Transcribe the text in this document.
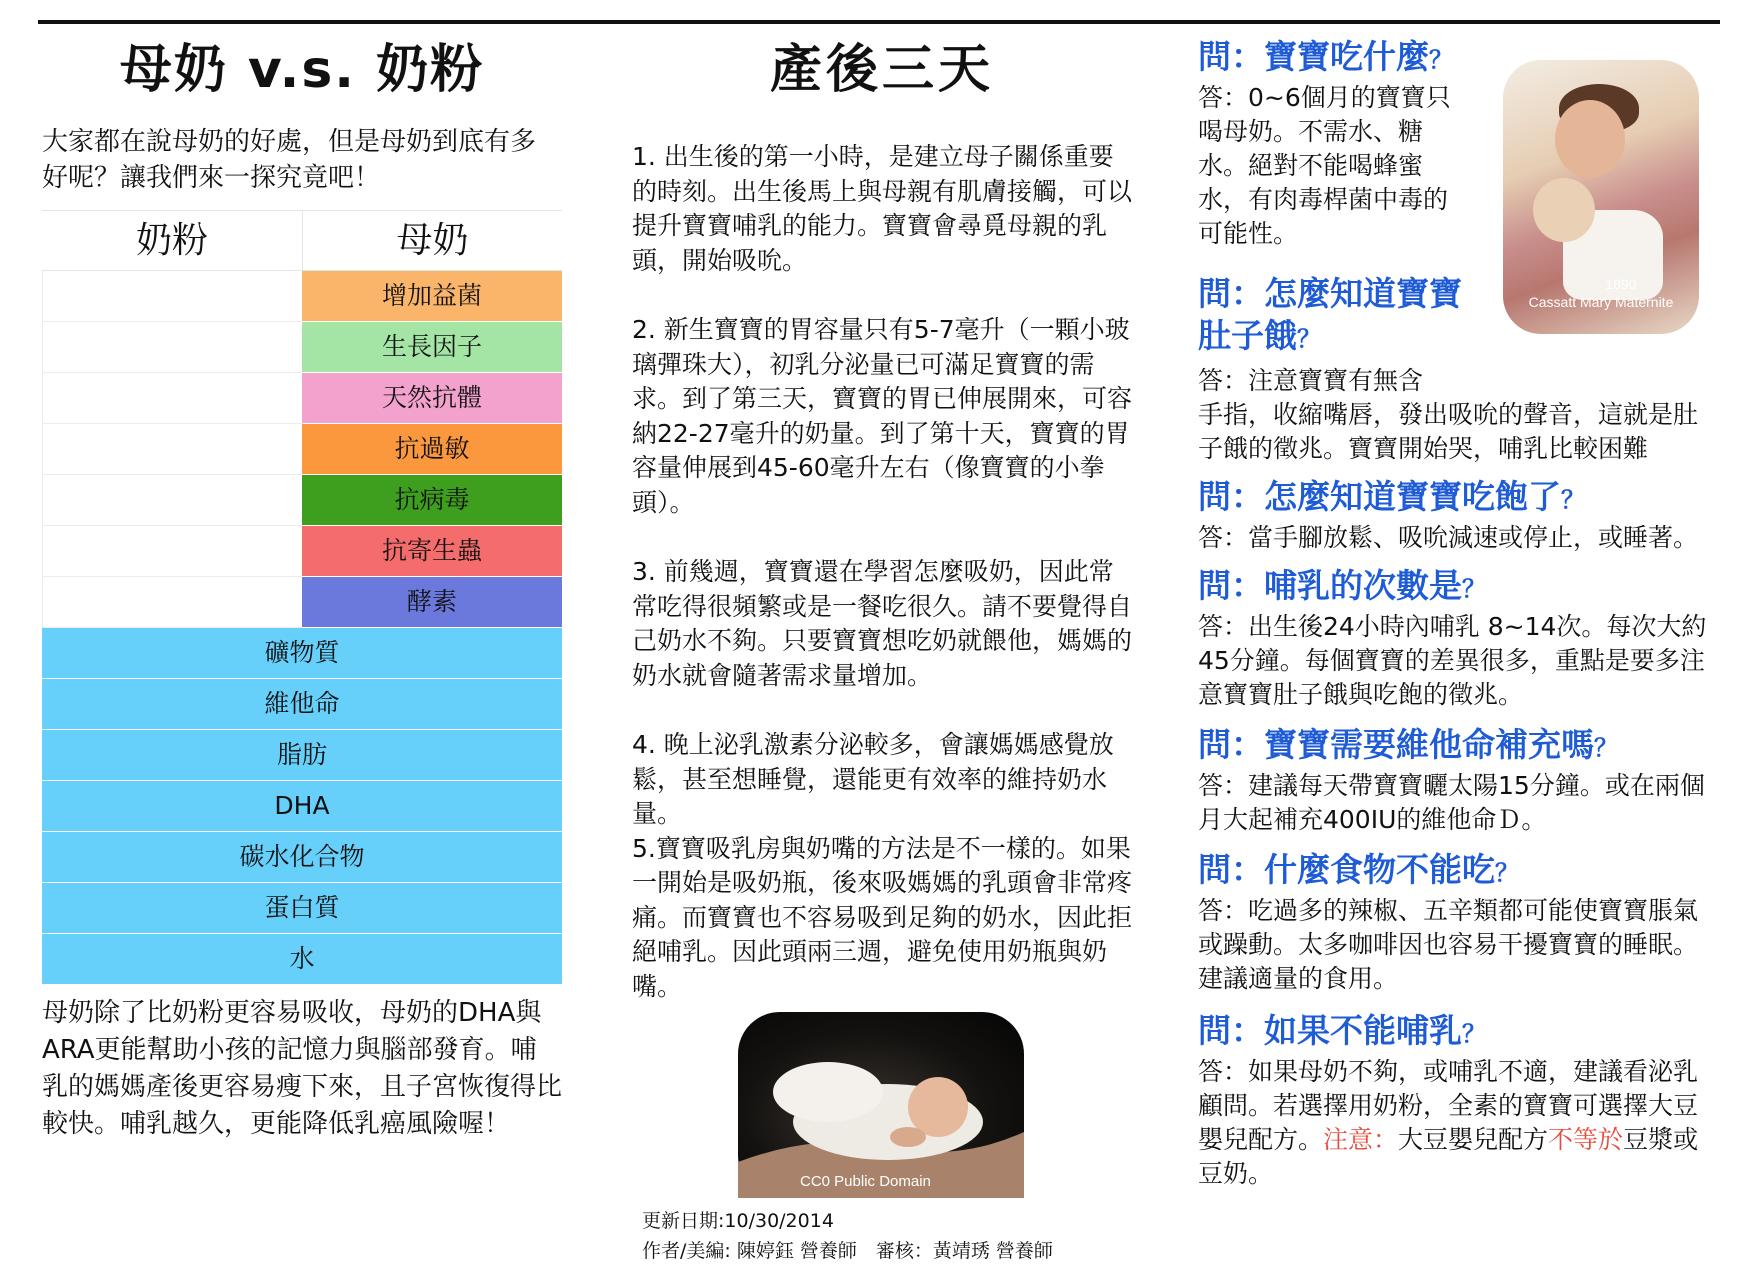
母奶 v.s. 奶粉

大家都在說母奶的好處，但是母奶到底有多好呢？讓我們來一探究竟吧！

奶粉	母奶
增加益菌
生長因子
天然抗體
抗過敏
抗病毒
抗寄生蟲
酵素
礦物質
維他命
脂肪
DHA
碳水化合物
蛋白質
水

母奶除了比奶粉更容易吸收，母奶的DHA與ARA更能幫助小孩的記憶力與腦部發育。哺乳的媽媽產後更容易瘦下來，且子宮恢復得比較快。哺乳越久，更能降低乳癌風險喔！

產後三天

1. 出生後的第一小時，是建立母子關係重要的時刻。出生後馬上與母親有肌膚接觸，可以提升寶寶哺乳的能力。寶寶會尋覓母親的乳頭，開始吸吮。

2. 新生寶寶的胃容量只有5-7毫升（一顆小玻璃彈珠大），初乳分泌量已可滿足寶寶的需求。到了第三天，寶寶的胃已伸展開來，可容納22-27毫升的奶量。到了第十天，寶寶的胃容量伸展到45-60毫升左右（像寶寶的小拳頭）。

3. 前幾週，寶寶還在學習怎麼吸奶，因此常常吃得很頻繁或是一餐吃很久。請不要覺得自己奶水不夠。只要寶寶想吃奶就餵他，媽媽的奶水就會隨著需求量增加。

4. 晚上泌乳激素分泌較多，會讓媽媽感覺放鬆，甚至想睡覺，還能更有效率的維持奶水量。

5.寶寶吸乳房與奶嘴的方法是不一樣的。如果一開始是吸奶瓶，後來吸媽媽的乳頭會非常疼痛。而寶寶也不容易吸到足夠的奶水，因此拒絕哺乳。因此頭兩三週，避免使用奶瓶與奶嘴。

CC0 Public Domain
更新日期:10/30/2014
作者/美編: 陳婷鈺 營養師　審核：黃靖琇 營養師
1890
Cassatt Mary Maternite
問：寶寶吃什麼？
答：0~6個月的寶寶只喝母奶。不需水、糖水。絕對不能喝蜂蜜水，有肉毒桿菌中毒的可能性。
問：怎麼知道寶寶肚子餓？
答：注意寶寶有無含
手指，收縮嘴唇，發出吸吮的聲音，這就是肚子餓的徵兆。寶寶開始哭，哺乳比較困難
問：怎麼知道寶寶吃飽了？
答：當手腳放鬆、吸吮減速或停止，或睡著。
問：哺乳的次數是？
答：出生後24小時內哺乳 8~14次。每次大約 45分鐘。每個寶寶的差異很多，重點是要多注意寶寶肚子餓與吃飽的徵兆。
問：寶寶需要維他命補充嗎？
答：建議每天帶寶寶曬太陽15分鐘。或在兩個月大起補充400IU的維他命Ｄ。
問：什麼食物不能吃？
答：吃過多的辣椒、五辛類都可能使寶寶脹氣或躁動。太多咖啡因也容易干擾寶寶的睡眠。建議適量的食用。
問：如果不能哺乳？
答：如果母奶不夠，或哺乳不適，建議看泌乳顧問。若選擇用奶粉，全素的寶寶可選擇大豆嬰兒配方。注意：大豆嬰兒配方不等於豆漿或豆奶。
